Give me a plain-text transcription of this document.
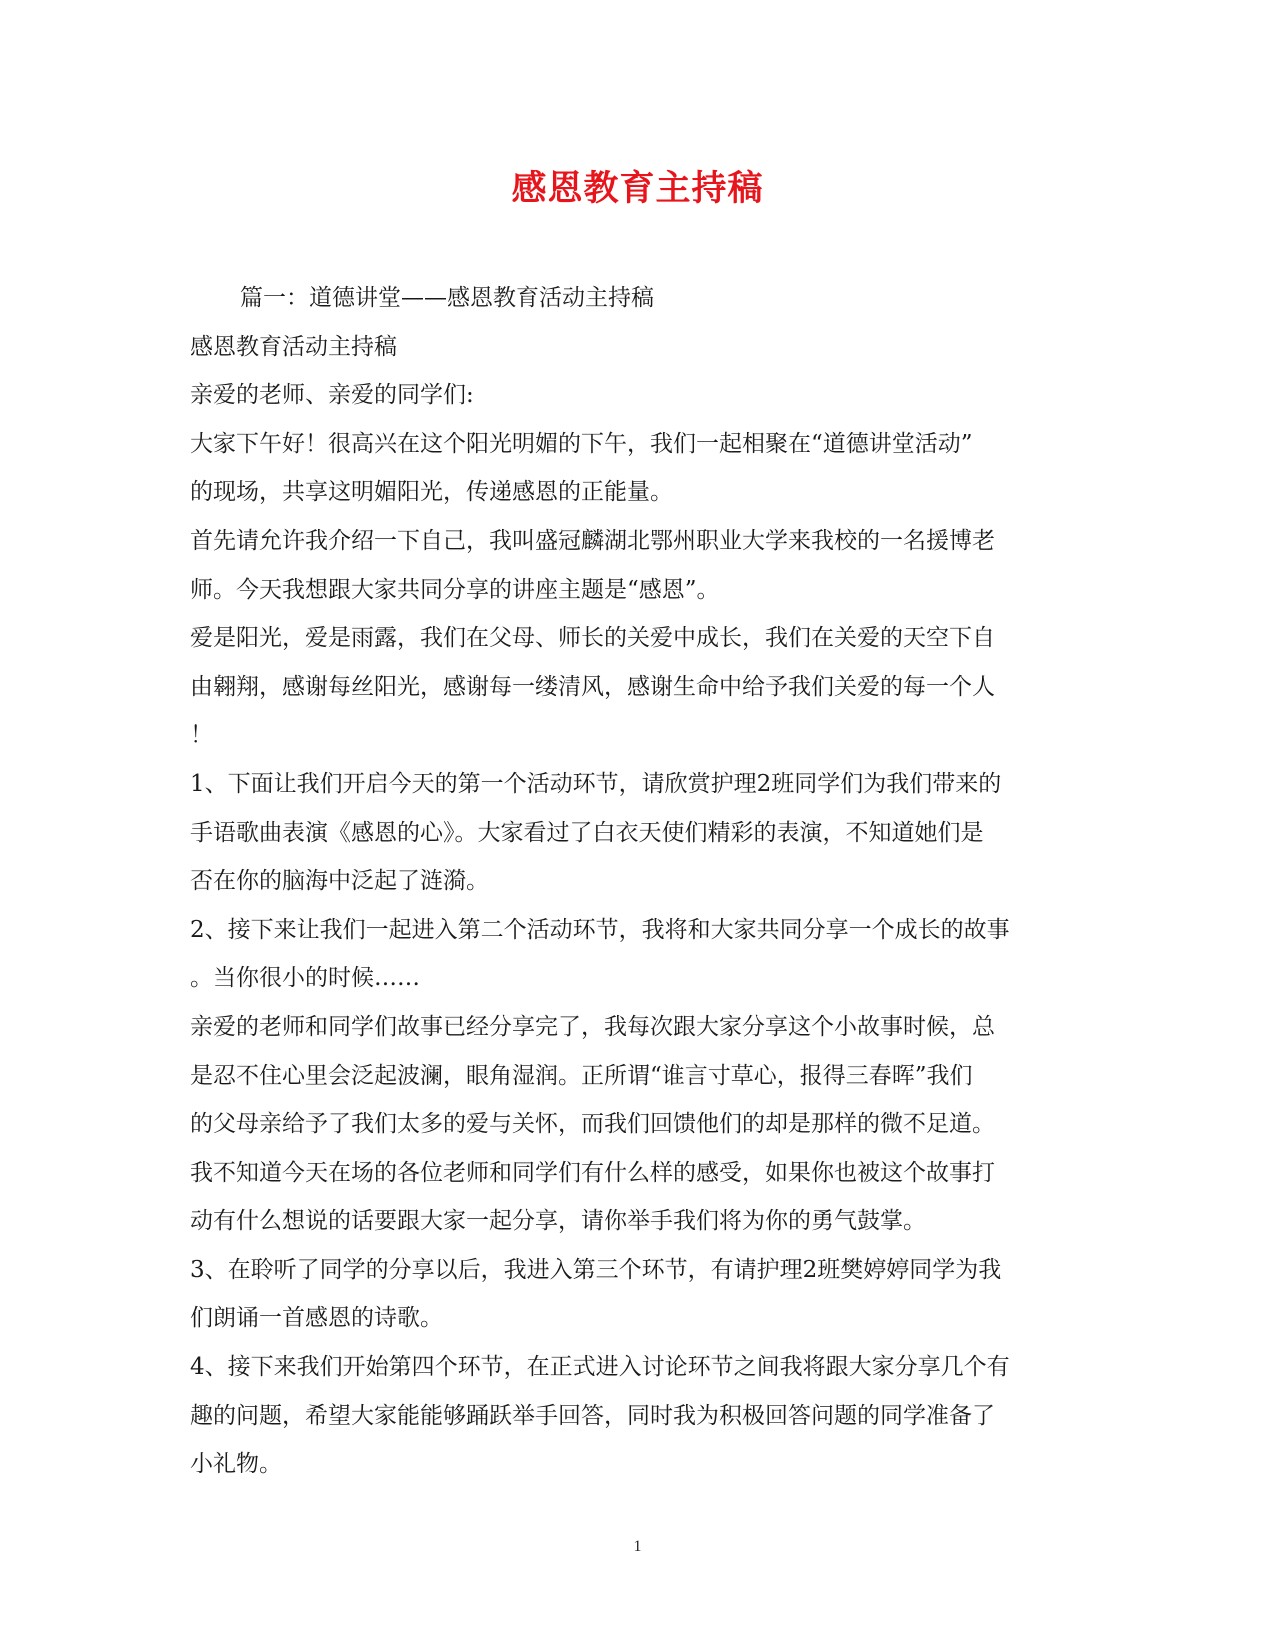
感恩教育主持稿
篇一：道德讲堂——感恩教育活动主持稿
感恩教育活动主持稿
亲爱的老师、亲爱的同学们:
大家下午好！很高兴在这个阳光明媚的下午，我们一起相聚在“道德讲堂活动”
的现场，共享这明媚阳光，传递感恩的正能量。
首先请允许我介绍一下自己，我叫盛冠麟湖北鄂州职业大学来我校的一名援博老
师。今天我想跟大家共同分享的讲座主题是“感恩”。
爱是阳光，爱是雨露，我们在父母、师长的关爱中成长，我们在关爱的天空下自
由翱翔，感谢每丝阳光，感谢每一缕清风，感谢生命中给予我们关爱的每一个人
！
1、下面让我们开启今天的第一个活动环节，请欣赏护理2班同学们为我们带来的
手语歌曲表演《感恩的心》。大家看过了白衣天使们精彩的表演，不知道她们是
否在你的脑海中泛起了涟漪。
2、接下来让我们一起进入第二个活动环节，我将和大家共同分享一个成长的故事
。当你很小的时候……
亲爱的老师和同学们故事已经分享完了，我每次跟大家分享这个小故事时候，总
是忍不住心里会泛起波澜，眼角湿润。正所谓“谁言寸草心，报得三春晖”我们
的父母亲给予了我们太多的爱与关怀，而我们回馈他们的却是那样的微不足道。
我不知道今天在场的各位老师和同学们有什么样的感受，如果你也被这个故事打
动有什么想说的话要跟大家一起分享，请你举手我们将为你的勇气鼓掌。
3、在聆听了同学的分享以后，我进入第三个环节，有请护理2班樊婷婷同学为我
们朗诵一首感恩的诗歌。
4、接下来我们开始第四个环节，在正式进入讨论环节之间我将跟大家分享几个有
趣的问题，希望大家能能够踊跃举手回答，同时我为积极回答问题的同学准备了
小礼物。
1
